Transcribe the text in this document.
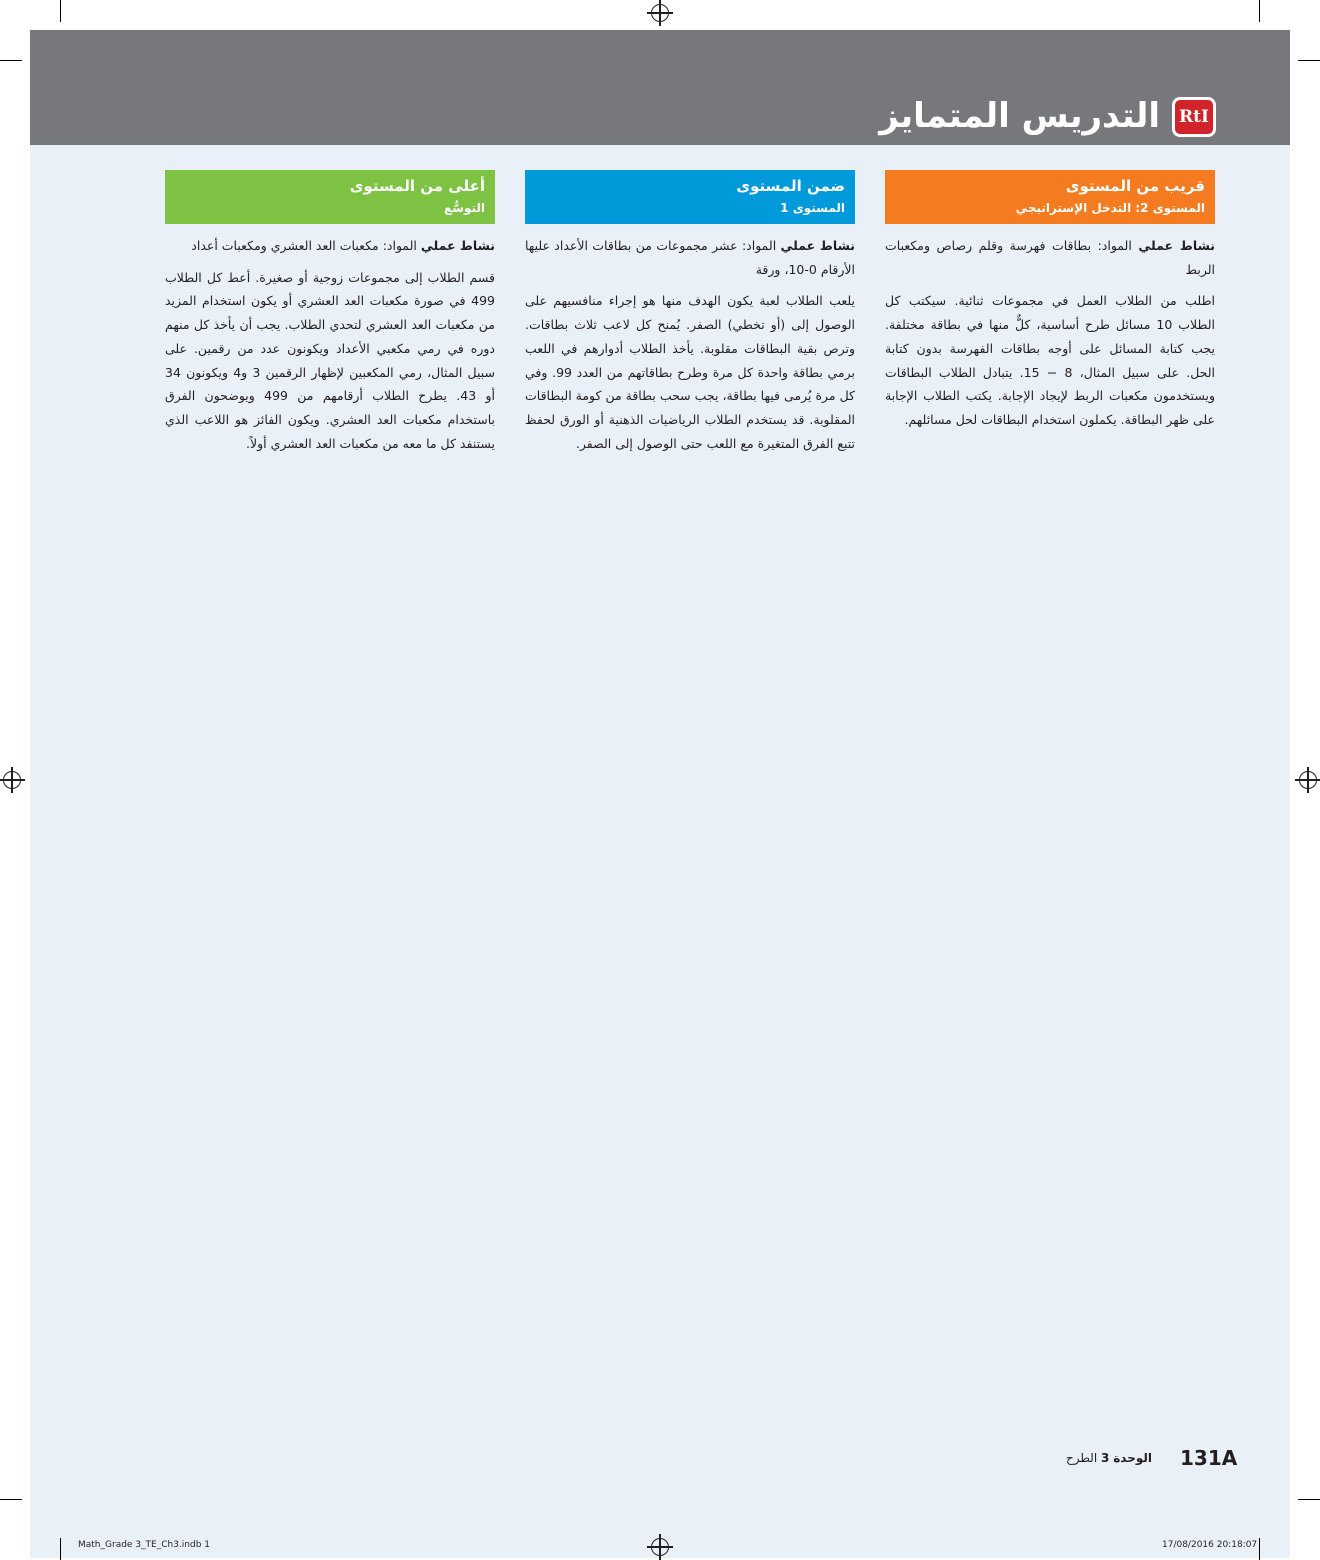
RtI
التدريس المتمايز
قريب من المستوى
المستوى 2: التدخل الإستراتيجي
ضمن المستوى
المستوى 1
أعلى من المستوى
التوسُّع

نشاط عملي المواد: بطاقات فهرسة وقلم رصاص ومكعبات الربط

اطلب من الطلاب العمل في مجموعات ثنائية. سيكتب كل الطلاب 10 مسائل طرح أساسية، كلٌّ منها في بطاقة مختلفة. يجب كتابة المسائل على أوجه بطاقات الفهرسة بدون كتابة الحل. على سبيل المثال، 8 − 15. يتبادل الطلاب البطاقات ويستخدمون مكعبات الربط لإيجاد الإجابة. يكتب الطلاب الإجابة على ظهر البطاقة. يكملون استخدام البطاقات لحل مسائلهم.

نشاط عملي المواد: عشر مجموعات من بطاقات الأعداد عليها الأرقام 0-10، ورقة

يلعب الطلاب لعبة يكون الهدف منها هو إجراء منافسيهم على الوصول إلى (أو تخطي) الصفر. يُمنح كل لاعب ثلاث بطاقات. وترص بقية البطاقات مقلوبة. يأخذ الطلاب أدوارهم في اللعب برمي بطاقة واحدة كل مرة وطرح بطاقاتهم من العدد 99. وفي كل مرة يُرمى فيها بطاقة، يجب سحب بطاقة من كومة البطاقات المقلوبة. قد يستخدم الطلاب الرياضيات الذهنية أو الورق لحفظ تتبع الفرق المتغيرة مع اللعب حتى الوصول إلى الصفر.

نشاط عملي المواد: مكعبات العد العشري ومكعبات أعداد

قسم الطلاب إلى مجموعات زوجية أو صغيرة. أعط كل الطلاب 499 في صورة مكعبات العد العشري أو يكون استخدام المزيد من مكعبات العد العشري لتحدي الطلاب. يجب أن يأخذ كل منهم دوره في رمي مكعبي الأعداد ويكونون عدد من رقمين. على سبيل المثال، رمي المكعبين لإظهار الرقمين 3 و4 ويكونون 34 أو 43. يطرح الطلاب أرقامهم من 499 ويوضحون الفرق باستخدام مكعبات العد العشري. ويكون الفائز هو اللاعب الذي يستنفد كل ما معه من مكعبات العد العشري أولاً.

131A
الوحدة 3 الطرح
Math_Grade 3_TE_Ch3.indb 1	17/08/2016 20:18:07
